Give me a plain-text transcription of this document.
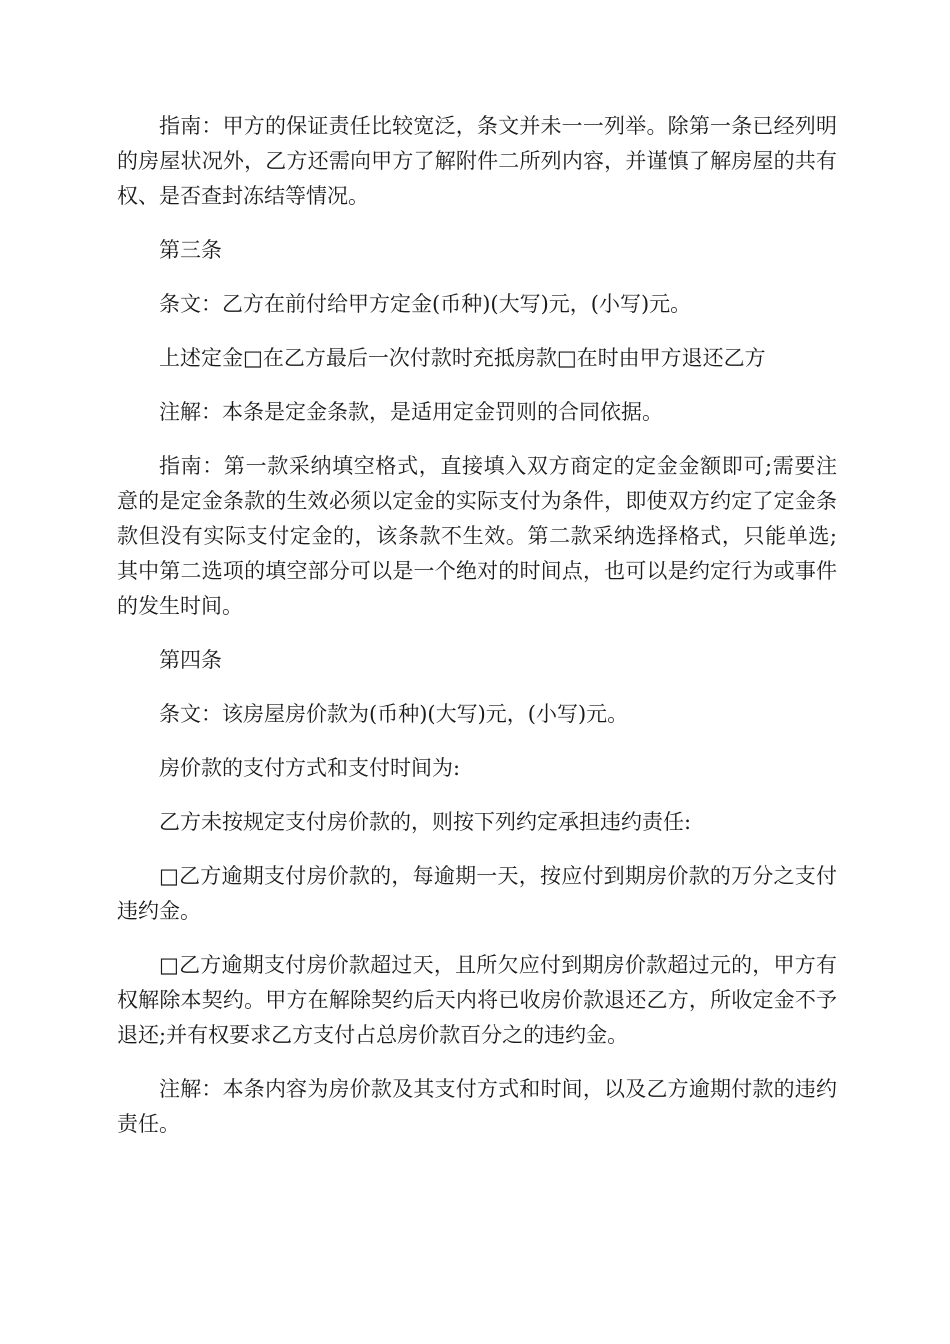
指南：甲方的保证责任比较宽泛，条文并未一一列举。除第一条已经列明的房屋状况外，乙方还需向甲方了解附件二所列内容，并谨慎了解房屋的共有权、是否查封冻结等情况。

第三条

条文：乙方在前付给甲方定金(币种)(大写)元，(小写)元。

上述定金□在乙方最后一次付款时充抵房款□在时由甲方退还乙方

注解：本条是定金条款，是适用定金罚则的合同依据。

指南：第一款采纳填空格式，直接填入双方商定的定金金额即可;需要注意的是定金条款的生效必须以定金的实际支付为条件，即使双方约定了定金条款但没有实际支付定金的，该条款不生效。第二款采纳选择格式，只能单选;其中第二选项的填空部分可以是一个绝对的时间点，也可以是约定行为或事件的发生时间。

第四条

条文：该房屋房价款为(币种)(大写)元，(小写)元。

房价款的支付方式和支付时间为:

乙方未按规定支付房价款的，则按下列约定承担违约责任:

□乙方逾期支付房价款的，每逾期一天，按应付到期房价款的万分之支付违约金。

□乙方逾期支付房价款超过天，且所欠应付到期房价款超过元的，甲方有权解除本契约。甲方在解除契约后天内将已收房价款退还乙方，所收定金不予退还;并有权要求乙方支付占总房价款百分之的违约金。

注解：本条内容为房价款及其支付方式和时间，以及乙方逾期付款的违约责任。
